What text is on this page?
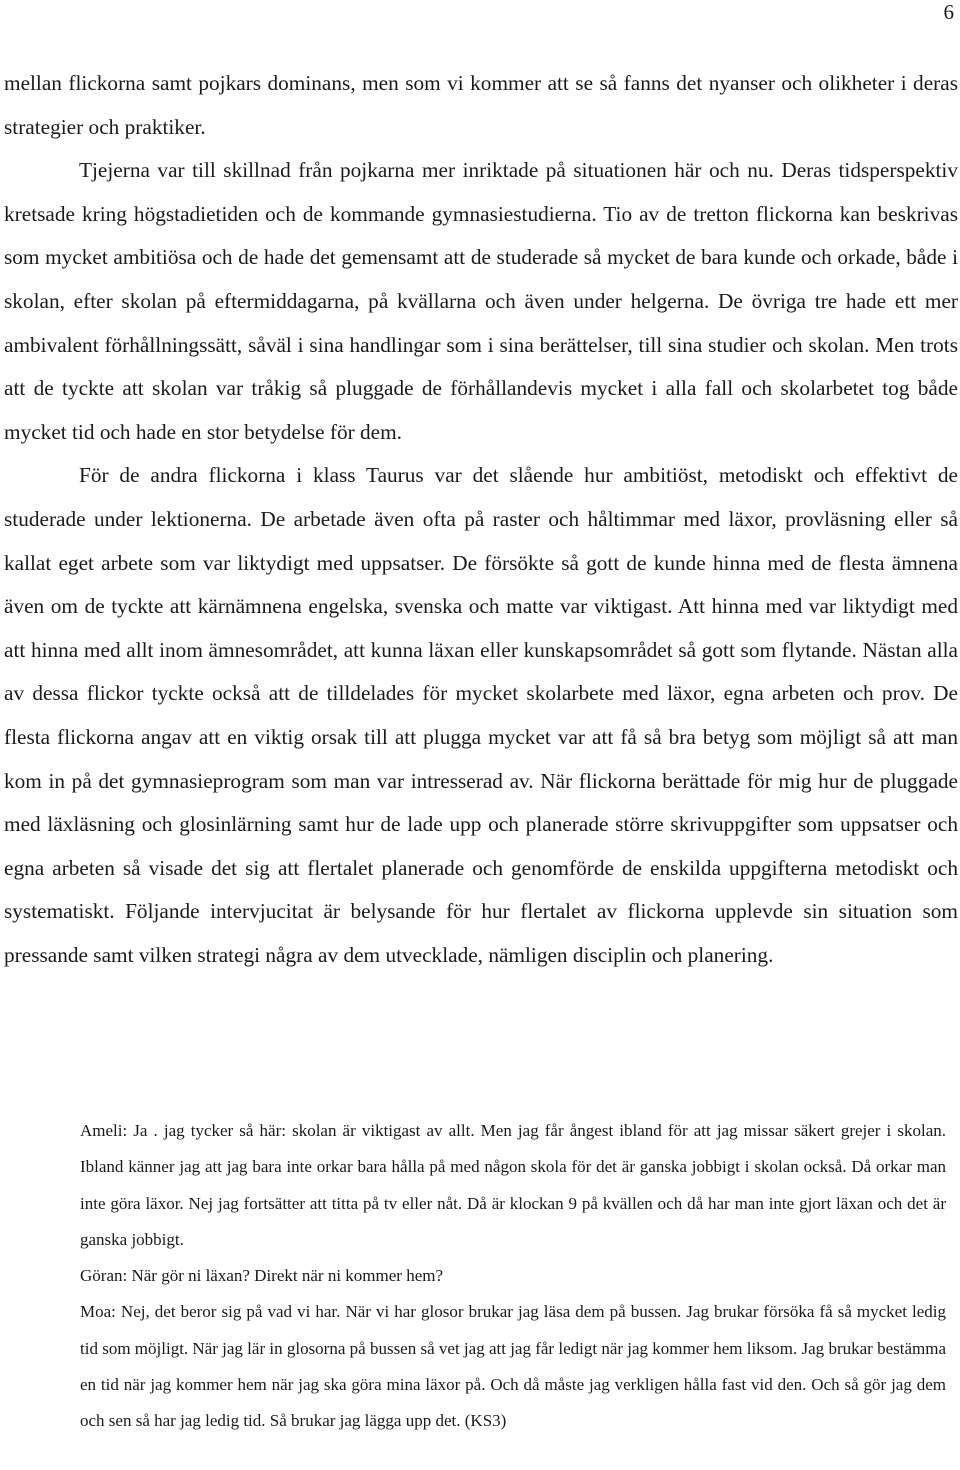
6

mellan flickorna samt pojkars dominans, men som vi kommer att se så fanns det nyanser och olikheter i deras strategier och praktiker.

Tjejerna var till skillnad från pojkarna mer inriktade på situationen här och nu. Deras tidsperspektiv kretsade kring högstadietiden och de kommande gymnasiestudierna. Tio av de tretton flickorna kan beskrivas som mycket ambitiösa och de hade det gemensamt att de studerade så mycket de bara kunde och orkade, både i skolan, efter skolan på eftermiddagarna, på kvällarna och även under helgerna. De övriga tre hade ett mer ambivalent förhållningssätt, såväl i sina handlingar som i sina berättelser, till sina studier och skolan. Men trots att de tyckte att skolan var tråkig så pluggade de förhållandevis mycket i alla fall och skolarbetet tog både mycket tid och hade en stor betydelse för dem.

För de andra flickorna i klass Taurus var det slående hur ambitiöst, metodiskt och effektivt de studerade under lektionerna. De arbetade även ofta på raster och håltimmar med läxor, provläsning eller så kallat eget arbete som var liktydigt med uppsatser. De försökte så gott de kunde hinna med de flesta ämnena även om de tyckte att kärnämnena engelska, svenska och matte var viktigast. Att hinna med var liktydigt med att hinna med allt inom ämnesområdet, att kunna läxan eller kunskapsområdet så gott som flytande. Nästan alla av dessa flickor tyckte också att de tilldelades för mycket skolarbete med läxor, egna arbeten och prov. De flesta flickorna angav att en viktig orsak till att plugga mycket var att få så bra betyg som möjligt så att man kom in på det gymnasieprogram som man var intresserad av. När flickorna berättade för mig hur de pluggade med läxläsning och glosinlärning samt hur de lade upp och planerade större skrivuppgifter som uppsatser och egna arbeten så visade det sig att flertalet planerade och genomförde de enskilda uppgifterna metodiskt och systematiskt. Följande intervjucitat är belysande för hur flertalet av flickorna upplevde sin situation som pressande samt vilken strategi några av dem utvecklade, nämligen disciplin och planering.

Ameli: Ja . jag tycker så här: skolan är viktigast av allt. Men jag får ångest ibland för att jag missar säkert grejer i skolan. Ibland känner jag att jag bara inte orkar bara hålla på med någon skola för det är ganska jobbigt i skolan också. Då orkar man inte göra läxor. Nej jag fortsätter att titta på tv eller nåt. Då är klockan 9 på kvällen och då har man inte gjort läxan och det är ganska jobbigt.

Göran: När gör ni läxan? Direkt när ni kommer hem?

Moa: Nej, det beror sig på vad vi har. När vi har glosor brukar jag läsa dem på bussen. Jag brukar försöka få så mycket ledig tid som möjligt. När jag lär in glosorna på bussen så vet jag att jag får ledigt när jag kommer hem liksom. Jag brukar bestämma en tid när jag kommer hem när jag ska göra mina läxor på. Och då måste jag verkligen hålla fast vid den. Och så gör jag dem och sen så har jag ledig tid. Så brukar jag lägga upp det. (KS3)
